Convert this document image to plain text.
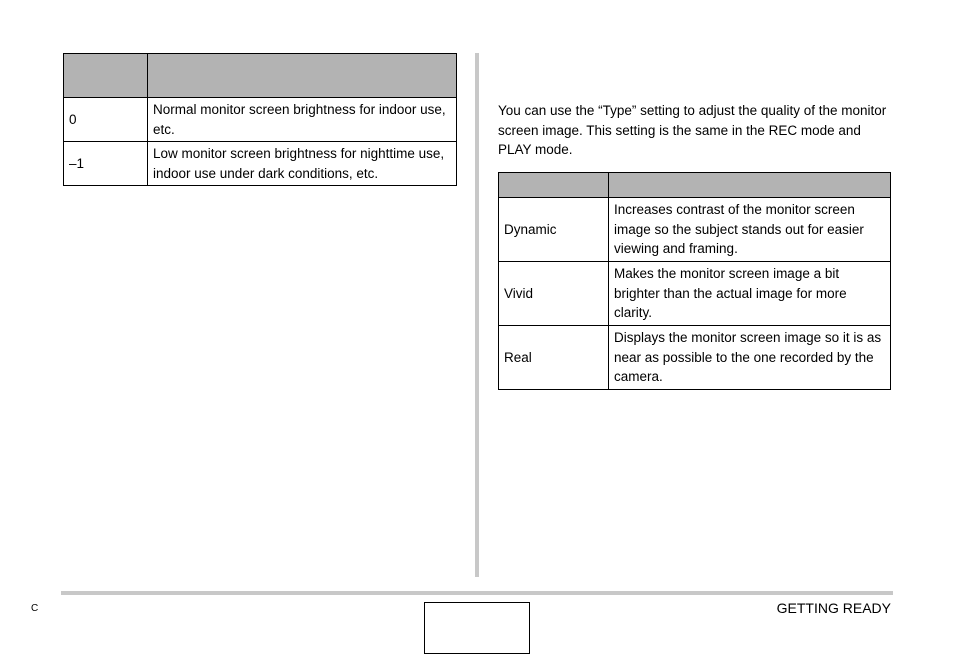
0	Normal monitor screen brightness for indoor use, etc.
–1	Low monitor screen brightness for nighttime use, indoor use under dark conditions, etc.

You can use the “Type” setting to adjust the quality of the monitor screen image. This setting is the same in the REC mode and PLAY mode.

Dynamic	Increases contrast of the monitor screen image so the subject stands out for easier viewing and framing.
Vivid	Makes the monitor screen image a bit brighter than the actual image for more clarity.
Real	Displays the monitor screen image so it is as near as possible to the one recorded by the camera.
C	GETTING READY
